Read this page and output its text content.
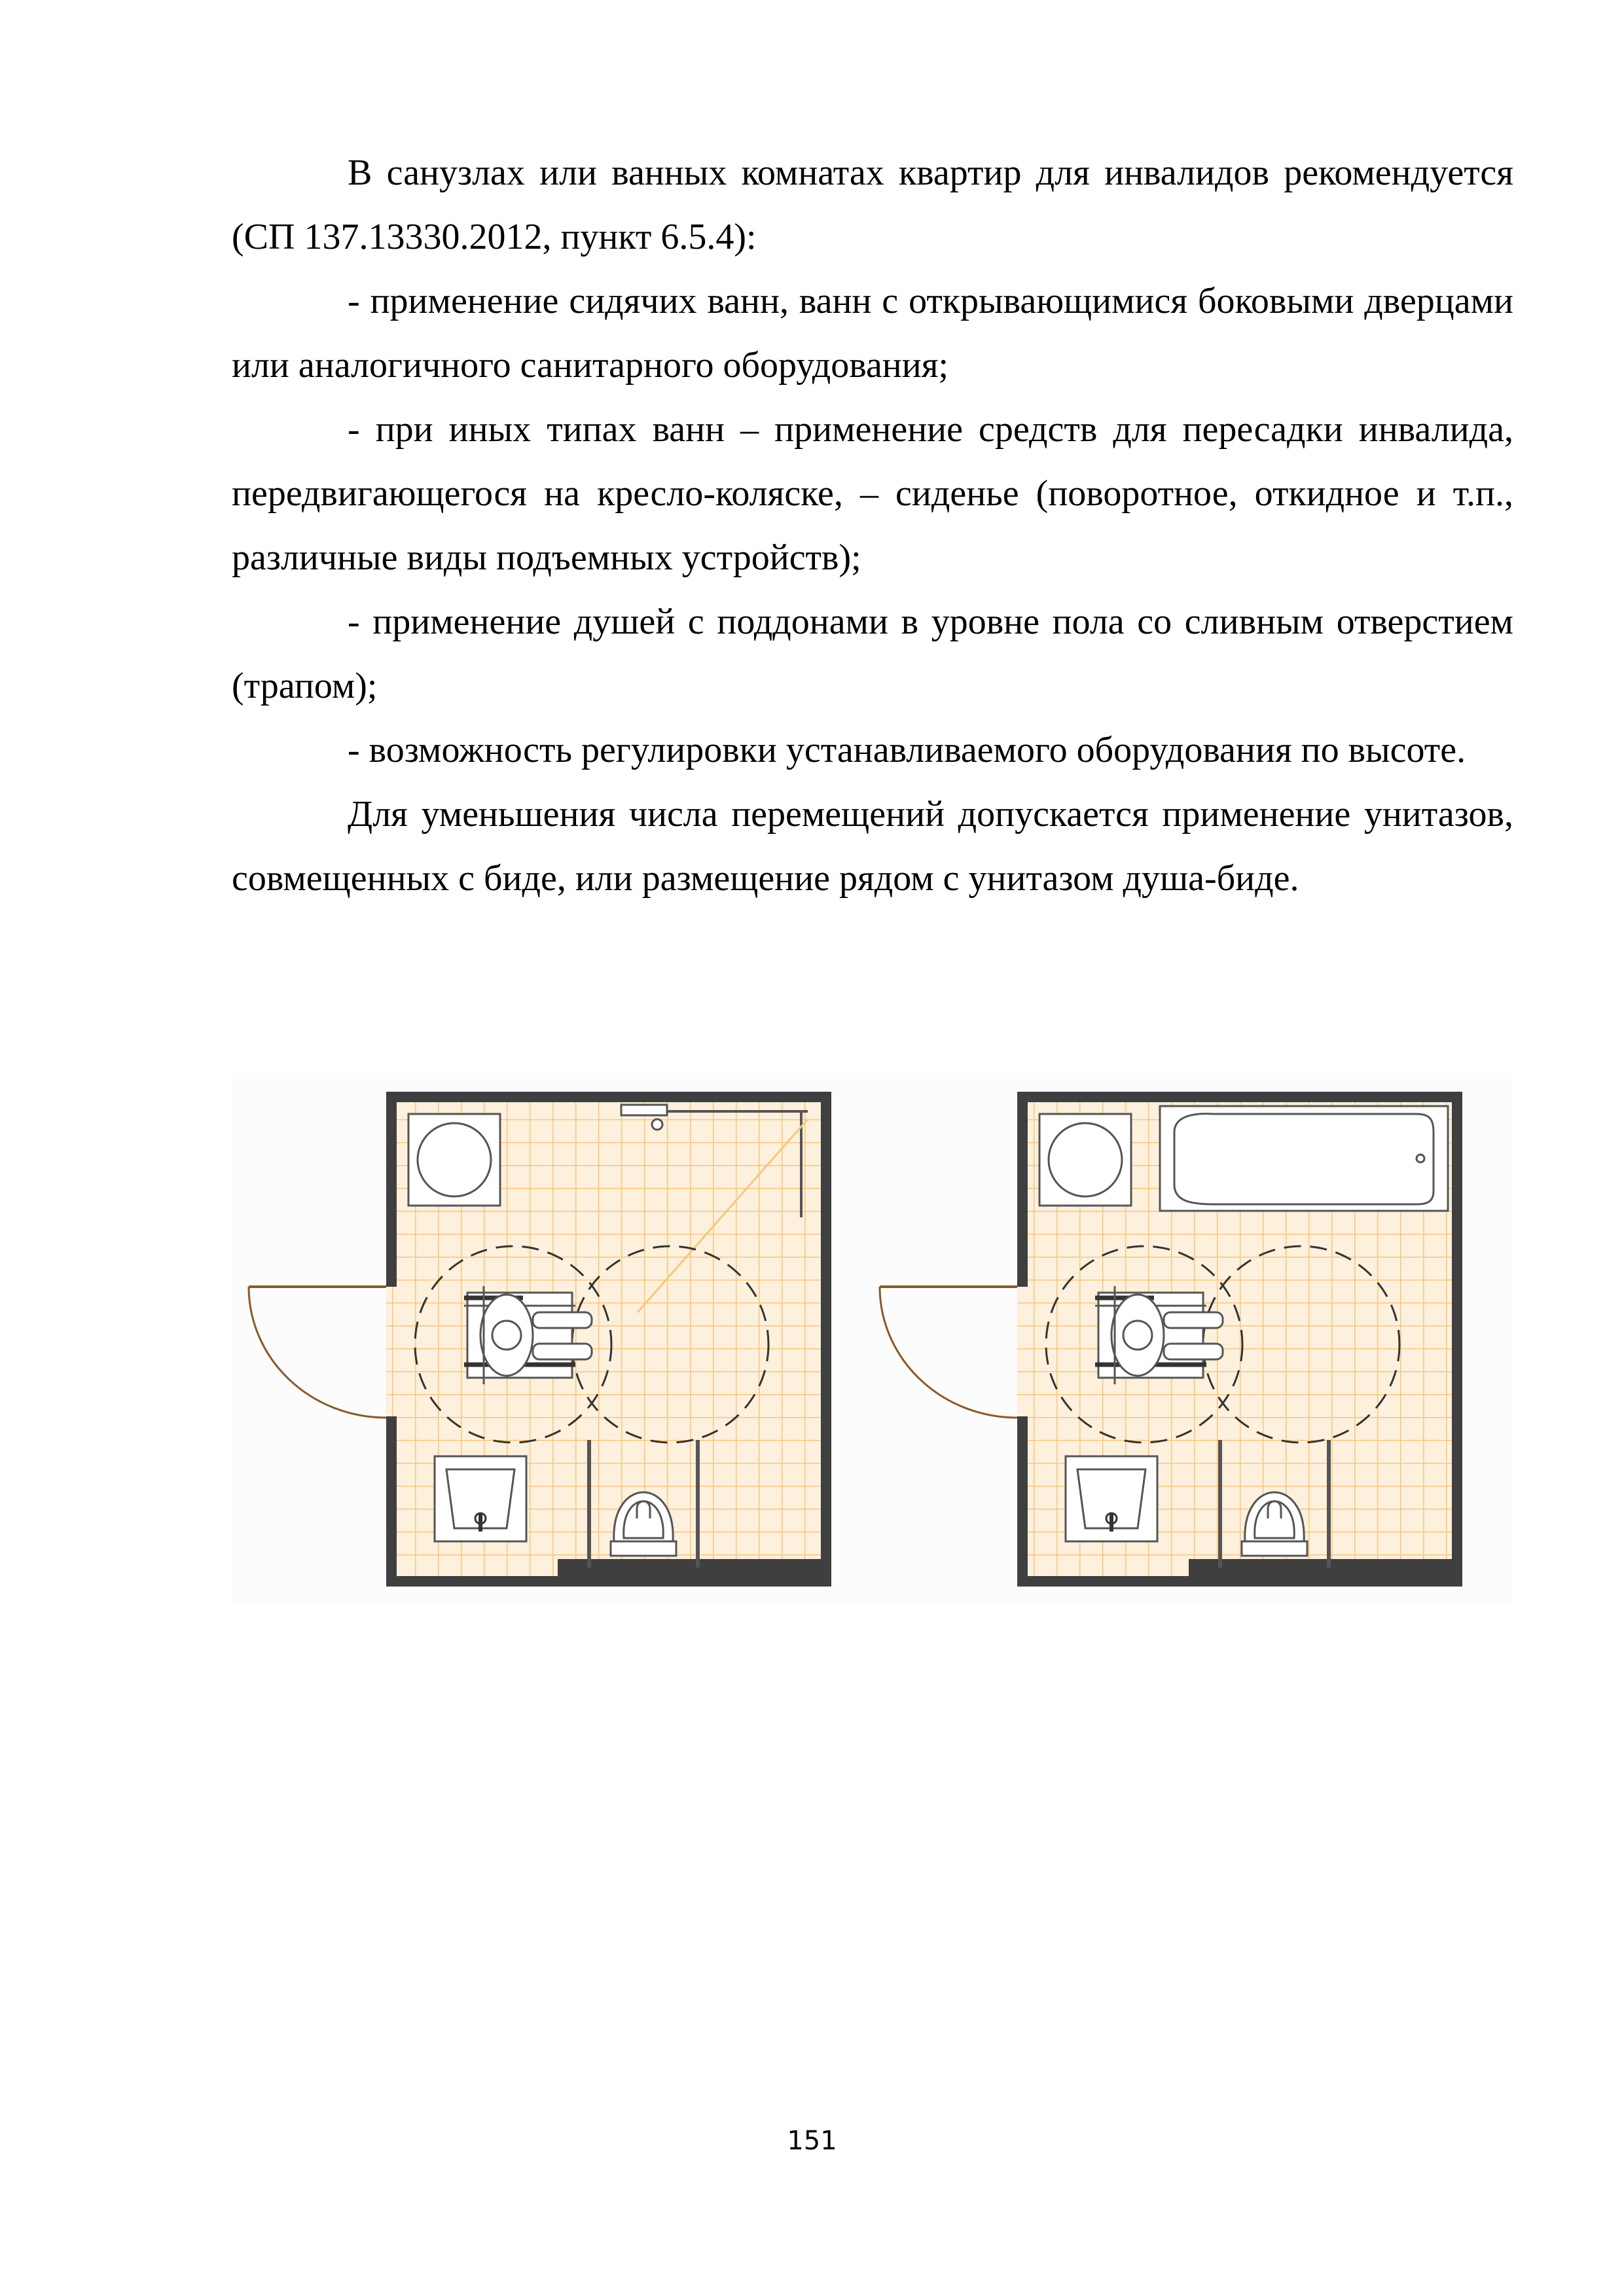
В санузлах или ванных комнатах квартир для инвалидов рекомендуется (СП 137.13330.2012, пункт 6.5.4):

- применение сидячих ванн, ванн с открывающимися боковыми дверцами или аналогичного санитарного оборудования;

- при иных типах ванн – применение средств для пересадки инвалида, передвигающегося на кресло-коляске, – сиденье (поворотное, откидное и т.п., различные виды подъемных устройств);

- применение душей с поддонами в уровне пола со сливным отверстием (трапом);

- возможность регулировки устанавливаемого оборудования по высоте.

Для уменьшения числа перемещений допускается применение унитазов, совмещенных с биде, или размещение рядом с унитазом душа-биде.

151
